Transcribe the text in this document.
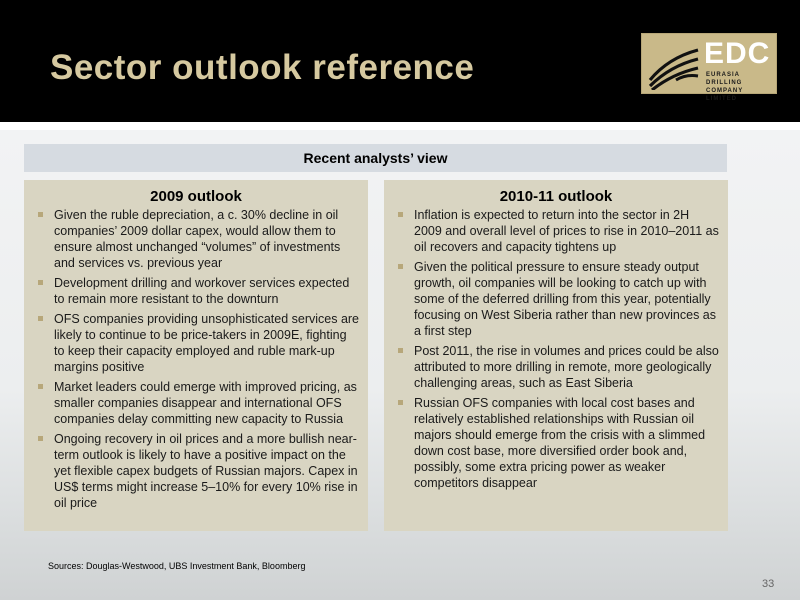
Sector outlook reference	EDC
EURASIA DRILLING COMPANY LIMITED
Recent analysts’ view
2009 outlook
Given the ruble depreciation, a c. 30% decline in oil companies’ 2009 dollar capex, would allow them to ensure almost unchanged “volumes” of investments and services vs. previous year
Development drilling and workover services expected to remain more resistant to the downturn
OFS companies providing unsophisticated services are likely to continue to be price-takers in 2009E, fighting to keep their capacity employed and ruble mark-up margins positive
Market leaders could emerge with improved pricing, as smaller companies disappear and international OFS companies delay committing new capacity to Russia
Ongoing recovery in oil prices and a more bullish near-term outlook is likely to have a positive impact on the yet flexible capex budgets of Russian majors. Capex in US$ terms might increase 5–10% for every 10% rise in oil price
2010-11 outlook
Inflation is expected to return into the sector in 2H 2009 and overall level of prices to rise in 2010–2011 as oil recovers and capacity tightens up
Given the political pressure to ensure steady output growth, oil companies will be looking to catch up with some of the deferred drilling from this year, potentially focusing on West Siberia rather than new provinces as a first step
Post 2011, the rise in volumes and prices could be also attributed to more drilling in remote, more geologically challenging areas, such as East Siberia
Russian OFS companies with local cost bases and relatively established relationships with Russian oil majors should emerge from the crisis with a slimmed down cost base, more diversified order book and, possibly, some extra pricing power as weaker competitors disappear
Sources: Douglas-Westwood, UBS Investment Bank, Bloomberg
33
